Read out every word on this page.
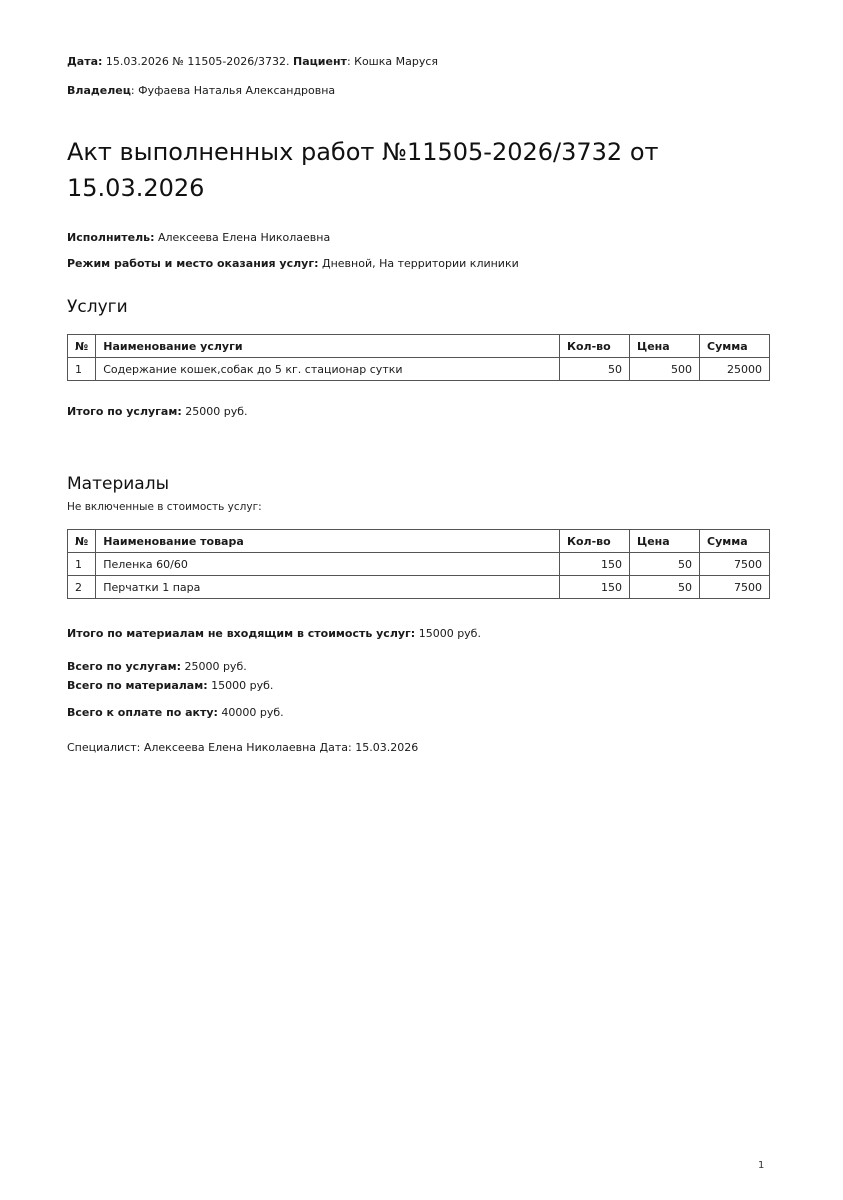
Дата: 15.03.2026 № 11505-2026/3732. Пациент: Кошка Маруся
Владелец: Фуфаева Наталья Александровна
Акт выполненных работ №11505-2026/3732 от
15.03.2026
Исполнитель: Алексеева Елена Николаевна
Режим работы и место оказания услуг: Дневной, На территории клиники
Услуги
№	Наименование услуги	Кол-во	Цена	Сумма
1	Содержание кошек,собак до 5 кг. стационар сутки	50	500	25000
Итого по услугам: 25000 руб.
Материалы
Не включенные в стоимость услуг:
№	Наименование товара	Кол-во	Цена	Сумма
1	Пеленка 60/60	150	50	7500
2	Перчатки 1 пара	150	50	7500
Итого по материалам не входящим в стоимость услуг: 15000 руб.
Всего по услугам: 25000 руб.
Всего по материалам: 15000 руб.
Всего к оплате по акту: 40000 руб.
Специалист: Алексеева Елена Николаевна Дата: 15.03.2026
1
